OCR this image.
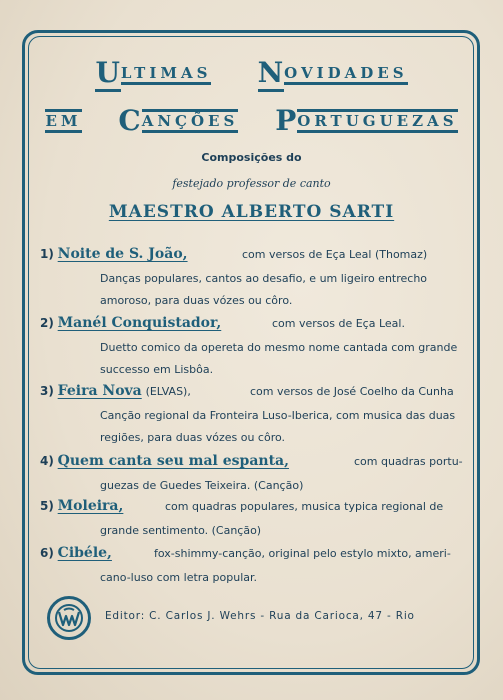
ULTIMAS NOVIDADES
EM CANÇÕES PORTUGUEZAS
Composições do
festejado professor de canto
MAESTRO ALBERTO SARTI
1) Noite de S. João,	com versos de Eça Leal (Thomaz)
Danças populares, cantos ao desafio, e um ligeiro entrecho
amoroso, para duas vózes ou côro.
2) Manél Conquistador,	com versos de Eça Leal.
Duetto comico da opereta do mesmo nome cantada com grande
successo em Lisbôa.
3) Feira Nova (ELVAS),	com versos de José Coelho da Cunha
Canção regional da Fronteira Luso-Iberica, com musica das duas
regiões, para duas vózes ou côro.
4) Quem canta seu mal espanta,	com quadras portu-
guezas de Guedes Teixeira. (Canção)
5) Moleira,	com quadras populares, musica typica regional de
grande sentimento. (Canção)
6) Cibéle,	fox-shimmy-canção, original pelo estylo mixto, ameri-
cano-luso com letra popular.
Editor: C. Carlos J. Wehrs - Rua da Carioca, 47 - Rio
